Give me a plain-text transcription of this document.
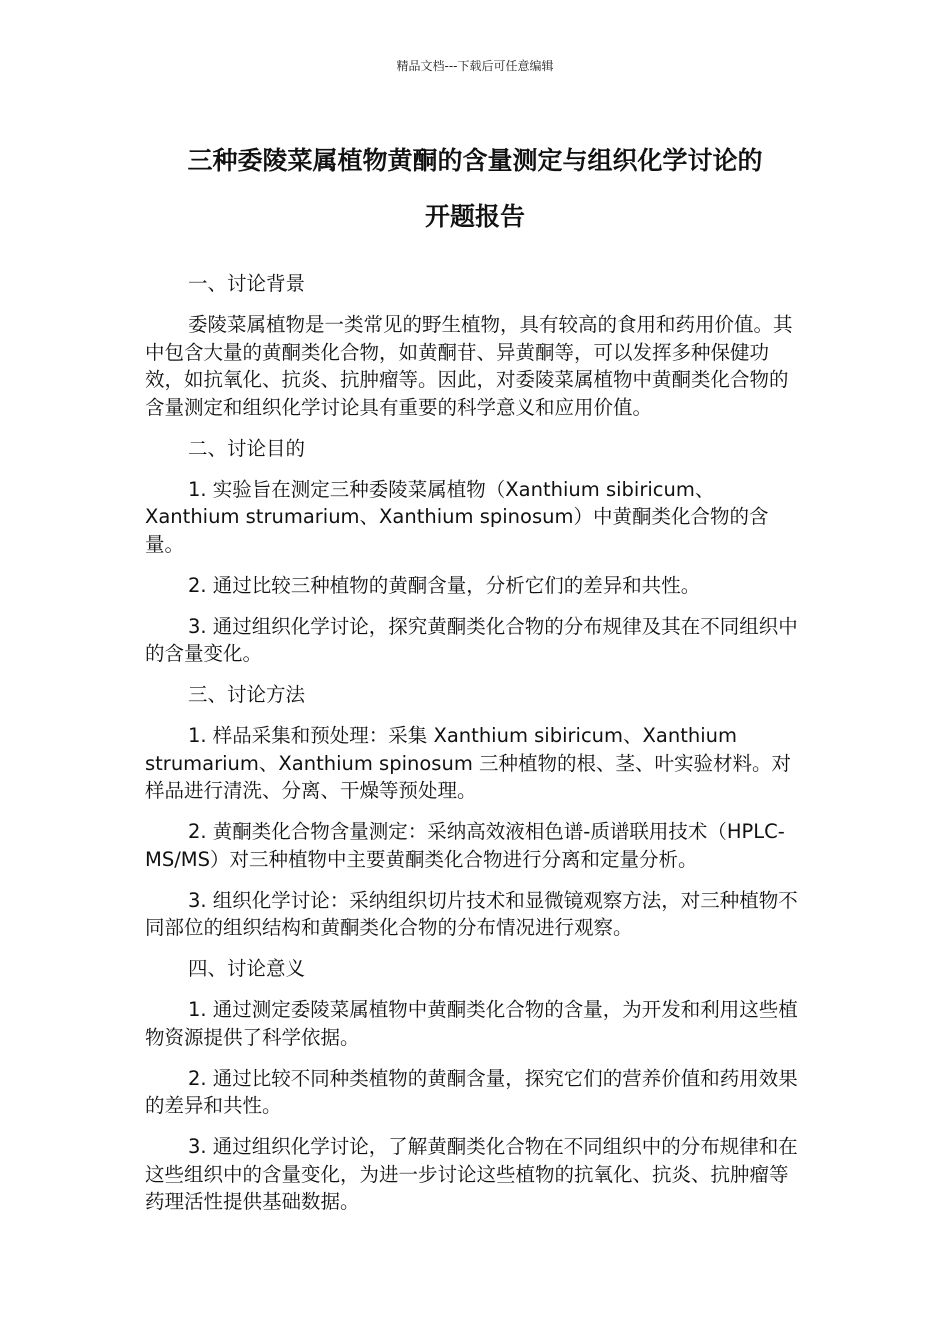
精品文档---下载后可任意编辑
三种委陵菜属植物黄酮的含量测定与组织化学讨论的
开题报告

一、讨论背景

委陵菜属植物是一类常见的野生植物，具有较高的食用和药用价值。其中包含大量的黄酮类化合物，如黄酮苷、异黄酮等，可以发挥多种保健功效，如抗氧化、抗炎、抗肿瘤等。因此，对委陵菜属植物中黄酮类化合物的含量测定和组织化学讨论具有重要的科学意义和应用价值。

二、讨论目的

1. 实验旨在测定三种委陵菜属植物（Xanthium sibiricum、Xanthium strumarium、Xanthium spinosum）中黄酮类化合物的含量。

2. 通过比较三种植物的黄酮含量，分析它们的差异和共性。

3. 通过组织化学讨论，探究黄酮类化合物的分布规律及其在不同组织中的含量变化。

三、讨论方法

1. 样品采集和预处理：采集 Xanthium sibiricum、Xanthium strumarium、Xanthium spinosum 三种植物的根、茎、叶实验材料。对样品进行清洗、分离、干燥等预处理。

2. 黄酮类化合物含量测定：采纳高效液相色谱-质谱联用技术（HPLC-MS/MS）对三种植物中主要黄酮类化合物进行分离和定量分析。

3. 组织化学讨论：采纳组织切片技术和显微镜观察方法，对三种植物不同部位的组织结构和黄酮类化合物的分布情况进行观察。

四、讨论意义

1. 通过测定委陵菜属植物中黄酮类化合物的含量，为开发和利用这些植物资源提供了科学依据。

2. 通过比较不同种类植物的黄酮含量，探究它们的营养价值和药用效果的差异和共性。

3. 通过组织化学讨论，了解黄酮类化合物在不同组织中的分布规律和在这些组织中的含量变化，为进一步讨论这些植物的抗氧化、抗炎、抗肿瘤等药理活性提供基础数据。
